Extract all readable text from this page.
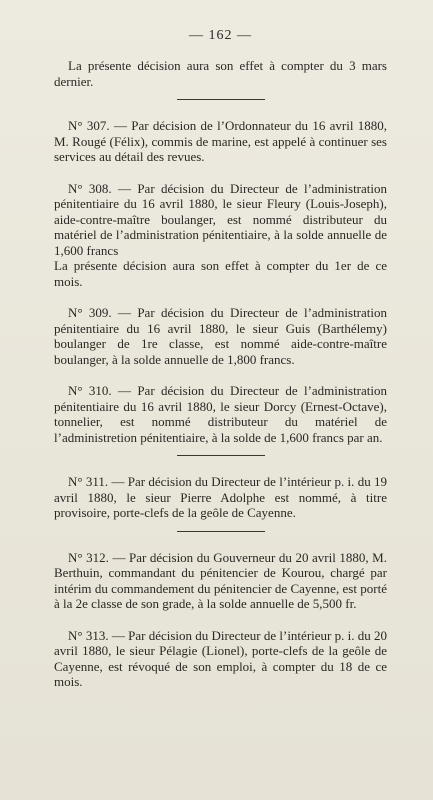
— 162 —

La présente décision aura son effet à compter du 3 mars dernier.

N° 307. — Par décision de l’Ordonnateur du 16 avril 1880, M. Rougé (Félix), commis de marine, est appelé à continuer ses services au détail des revues.

N° 308. — Par décision du Directeur de l’administration pénitentiaire du 16 avril 1880, le sieur Fleury (Louis-Joseph), aide-contre-maître boulanger, est nommé distributeur du matériel de l’administration pénitentiaire, à la solde annuelle de 1,600 francs

La présente décision aura son effet à compter du 1er de ce mois.

N° 309. — Par décision du Directeur de l’administration pénitentiaire du 16 avril 1880, le sieur Guis (Barthélemy) boulanger de 1re classe, est nommé aide-contre-maître boulanger, à la solde annuelle de 1,800 francs.

N° 310. — Par décision du Directeur de l’administration pénitentiaire du 16 avril 1880, le sieur Dorcy (Ernest-Octave), tonnelier, est nommé distributeur du matériel de l’administretion pénitentiaire, à la solde de 1,600 francs par an.

N° 311. — Par décision du Directeur de l’intérieur p. i. du 19 avril 1880, le sieur Pierre Adolphe est nommé, à titre provisoire, porte-clefs de la geôle de Cayenne.

N° 312. — Par décision du Gouverneur du 20 avril 1880, M. Berthuin, commandant du pénitencier de Kourou, chargé par intérim du commandement du pénitencier de Cayenne, est porté à la 2e classe de son grade, à la solde annuelle de 5,500 fr.

N° 313. — Par décision du Directeur de l’intérieur p. i. du 20 avril 1880, le sieur Pélagie (Lionel), porte-clefs de la geôle de Cayenne, est révoqué de son emploi, à compter du 18 de ce mois.
